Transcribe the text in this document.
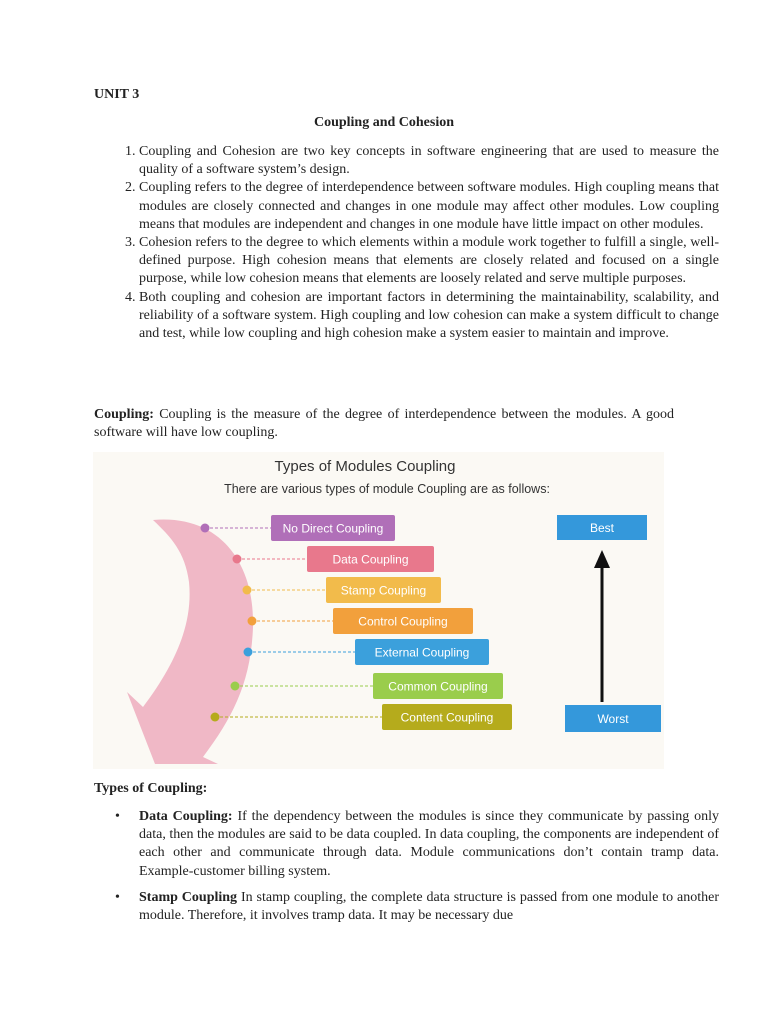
UNIT 3
Coupling and Cohesion
1. Coupling and Cohesion are two key concepts in software engineering that are used to measure the quality of a software system’s design.
2. Coupling refers to the degree of interdependence between software modules. High coupling means that modules are closely connected and changes in one module may affect other modules. Low coupling means that modules are independent and changes in one module have little impact on other modules.
3. Cohesion refers to the degree to which elements within a module work together to fulfill a single, well-defined purpose. High cohesion means that elements are closely related and focused on a single purpose, while low cohesion means that elements are loosely related and serve multiple purposes.
4. Both coupling and cohesion are important factors in determining the maintainability, scalability, and reliability of a software system. High coupling and low cohesion can make a system difficult to change and test, while low coupling and high cohesion make a system easier to maintain and improve.

Coupling: Coupling is the measure of the degree of interdependence between the modules. A good software will have low coupling.

Types of Modules Coupling
There are various types of module Coupling are as follows:
No Direct Coupling
Data Coupling
Stamp Coupling
Control Coupling
External Coupling
Common Coupling
Content Coupling
Best
Worst

Types of Coupling:

• Data Coupling: If the dependency between the modules is since they communicate by passing only data, then the modules are said to be data coupled. In data coupling, the components are independent of each other and communicate through data. Module communications don’t contain tramp data. Example-customer billing system.
• Stamp Coupling In stamp coupling, the complete data structure is passed from one module to another module. Therefore, it involves tramp data. It may be necessary due
